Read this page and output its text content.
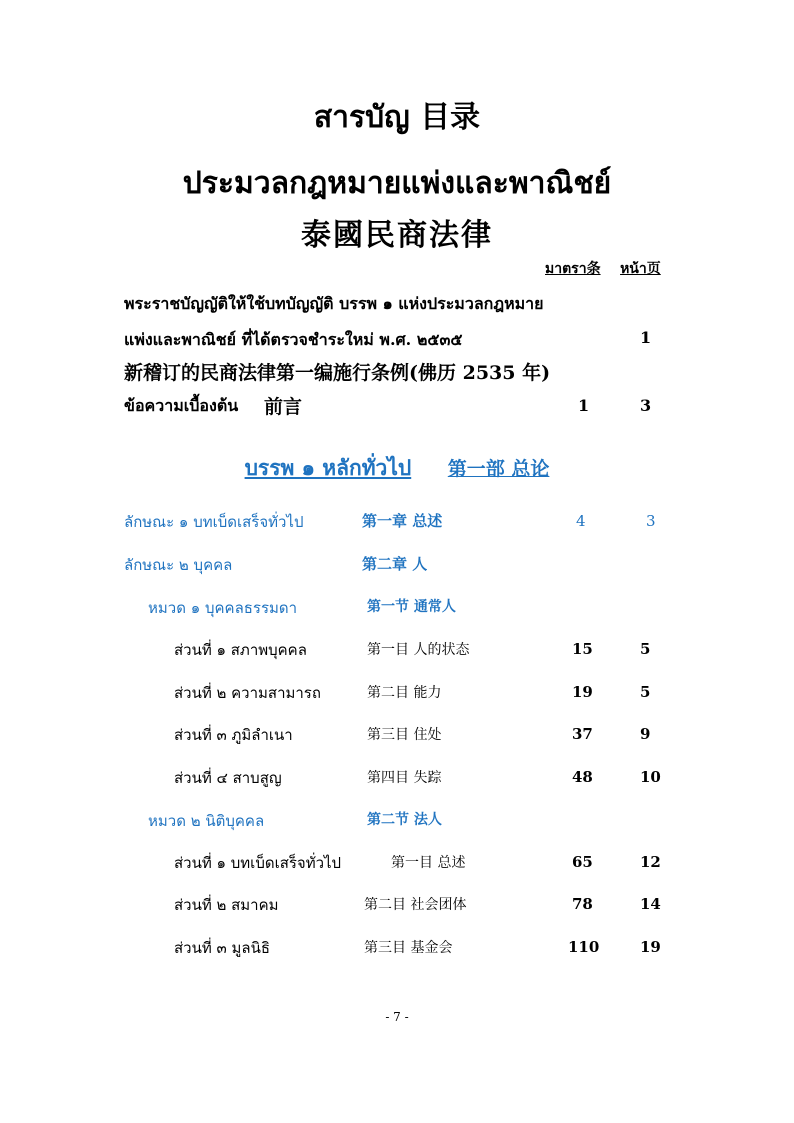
สารบัญ 目录
ประมวลกฎหมายแพ่งและพาณิชย์
泰國民商法律
มาตรา条 หน้า页
พระราชบัญญัติให้ใช้บทบัญญัติ บรรพ ๑ แห่งประมวลกฎหมาย
แพ่งและพาณิชย์ ที่ได้ตรวจชำระใหม่ พ.ศ. ๒๕๓๕	1
新稽订的民商法律第一编施行条例(佛历 2535 年)
ข้อความเบื้องต้น 前言	1	3
บรรพ ๑ หลักทั่วไป 第一部 总论
ลักษณะ ๑ บทเบ็ดเสร็จทั่วไป	第一章 总述	4	3
ลักษณะ ๒ บุคคล	第二章 人
หมวด ๑ บุคคลธรรมดา	第一节 通常人
ส่วนที่ ๑ สภาพบุคคล	第一目 人的状态	15	5
ส่วนที่ ๒ ความสามารถ	第二目 能力	19	5
ส่วนที่ ๓ ภูมิลำเนา	第三目 住处	37	9
ส่วนที่ ๔ สาบสูญ	第四目 失踪	48	10
หมวด ๒ นิติบุคคล	第二节 法人
ส่วนที่ ๑ บทเบ็ดเสร็จทั่วไป	第一目 总述	65	12
ส่วนที่ ๒ สมาคม	第二目 社会团体	78	14
ส่วนที่ ๓ มูลนิธิ	第三目 基金会	110	19
- 7 -
